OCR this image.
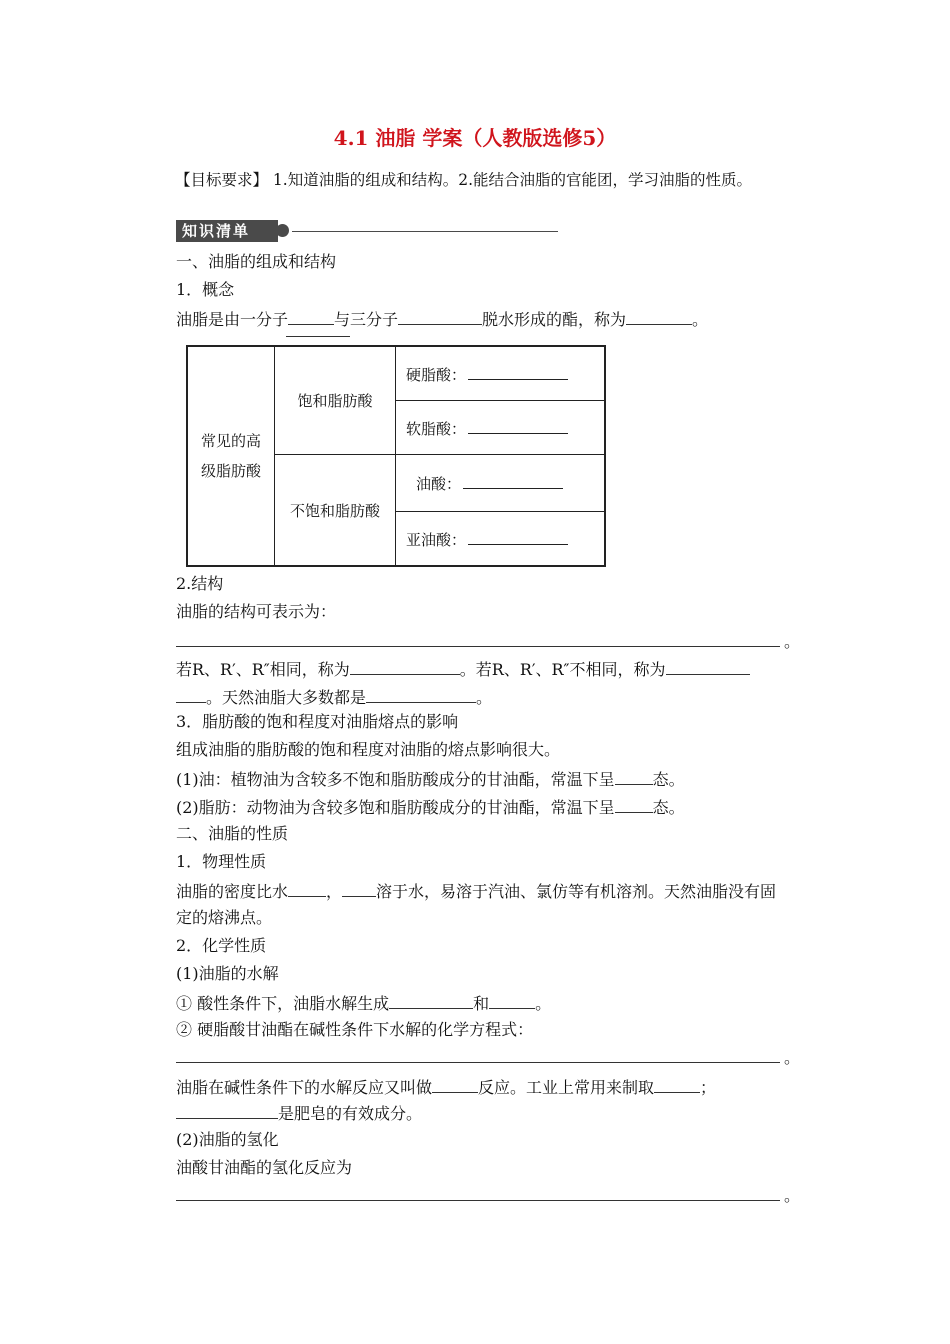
4.1 油脂 学案（人教版选修5）
【目标要求】 1.知道油脂的组成和结构。2.能结合油脂的官能团，学习油脂的性质。
知识清单
一、油脂的组成和结构
1．概念
油脂是由一分子	与三分子	脱水形成的酯，称为	。
常见的高级脂肪酸	饱和脂肪酸	硬脂酸：
		软脂酸：
	不饱和脂肪酸	油酸：
		亚油酸：
2.结构
油脂的结构可表示为：
。
若R、R′、R″相同，称为	。若R、R′、R″不相同，称为
。天然油脂大多数都是	。
3．脂肪酸的饱和程度对油脂熔点的影响
组成油脂的脂肪酸的饱和程度对油脂的熔点影响很大。
(1)油：植物油为含较多不饱和脂肪酸成分的甘油酯，常温下呈 态。
(2)脂肪：动物油为含较多饱和脂肪酸成分的甘油酯，常温下呈 态。
二、油脂的性质
1．物理性质
油脂的密度比水 ， 溶于水，易溶于汽油、氯仿等有机溶剂。天然油脂没有固
定的熔沸点。
2．化学性质
(1)油脂的水解
① 酸性条件下，油脂水解生成	和	。
② 硬脂酸甘油酯在碱性条件下水解的化学方程式：
。
油脂在碱性条件下的水解反应又叫做	反应。工业上常用来制取	；
是肥皂的有效成分。
(2)油脂的氢化
油酸甘油酯的氢化反应为
。
